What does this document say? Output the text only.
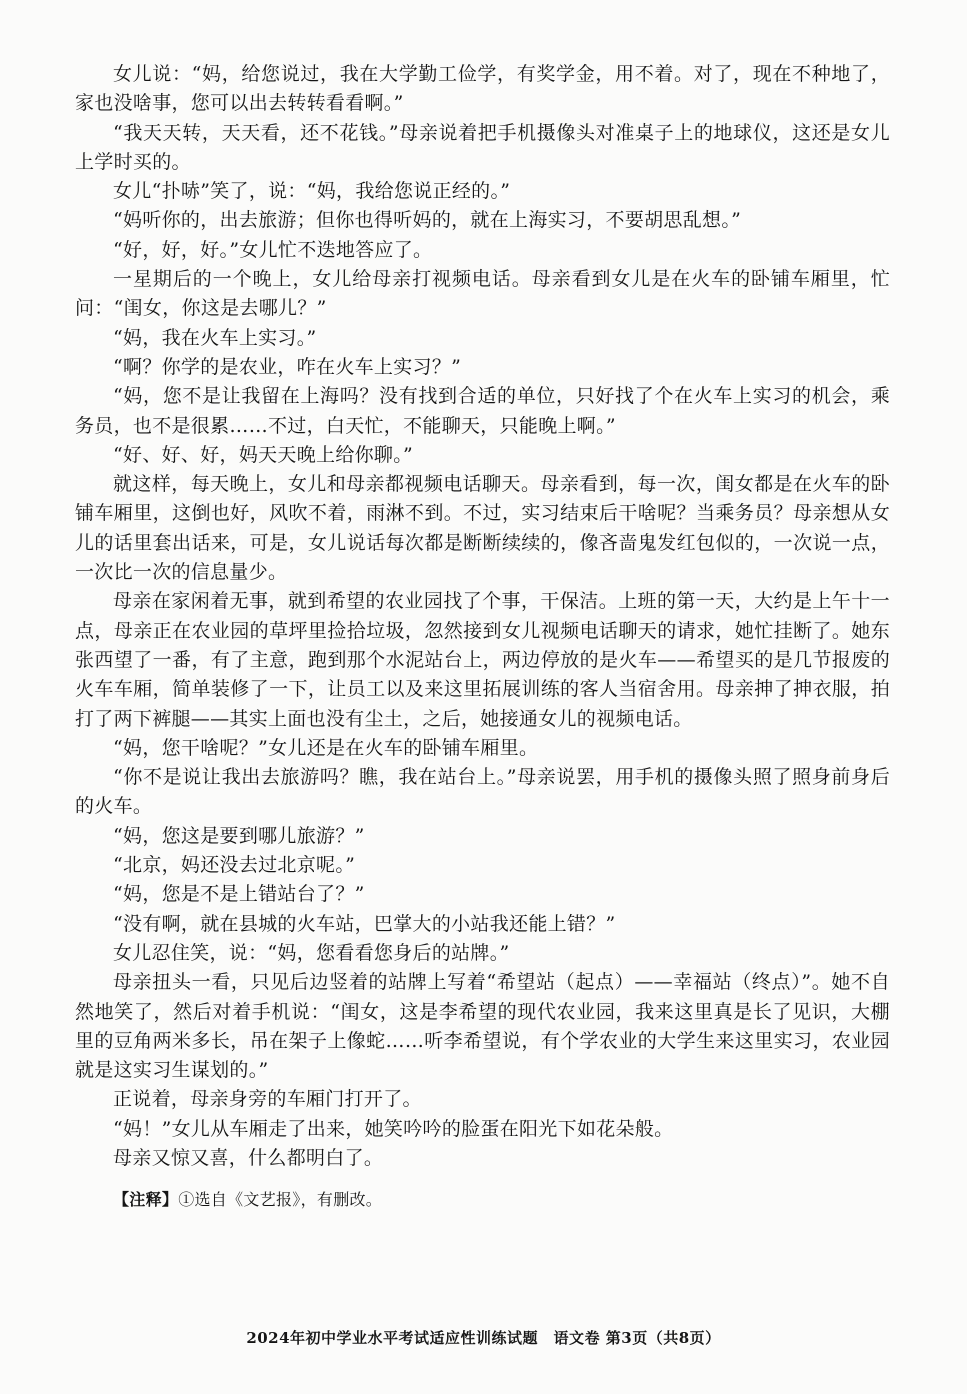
女儿说：“妈，给您说过，我在大学勤工俭学，有奖学金，用不着。对了，现在不种地了，家也没啥事，您可以出去转转看看啊。”

“我天天转，天天看，还不花钱。”母亲说着把手机摄像头对准桌子上的地球仪，这还是女儿上学时买的。

女儿“扑哧”笑了，说：“妈，我给您说正经的。”

“妈听你的，出去旅游；但你也得听妈的，就在上海实习，不要胡思乱想。”

“好，好，好。”女儿忙不迭地答应了。

一星期后的一个晚上，女儿给母亲打视频电话。母亲看到女儿是在火车的卧铺车厢里，忙问：“闺女，你这是去哪儿？”

“妈，我在火车上实习。”

“啊？你学的是农业，咋在火车上实习？”

“妈，您不是让我留在上海吗？没有找到合适的单位，只好找了个在火车上实习的机会，乘务员，也不是很累……不过，白天忙，不能聊天，只能晚上啊。”

“好、好、好，妈天天晚上给你聊。”

就这样，每天晚上，女儿和母亲都视频电话聊天。母亲看到，每一次，闺女都是在火车的卧铺车厢里，这倒也好，风吹不着，雨淋不到。不过，实习结束后干啥呢？当乘务员？母亲想从女儿的话里套出话来，可是，女儿说话每次都是断断续续的，像吝啬鬼发红包似的，一次说一点，一次比一次的信息量少。

母亲在家闲着无事，就到希望的农业园找了个事，干保洁。上班的第一天，大约是上午十一点，母亲正在农业园的草坪里捡拾垃圾，忽然接到女儿视频电话聊天的请求，她忙挂断了。她东张西望了一番，有了主意，跑到那个水泥站台上，两边停放的是火车——希望买的是几节报废的火车车厢，简单装修了一下，让员工以及来这里拓展训练的客人当宿舍用。母亲抻了抻衣服，拍打了两下裤腿——其实上面也没有尘土，之后，她接通女儿的视频电话。

“妈，您干啥呢？”女儿还是在火车的卧铺车厢里。

“你不是说让我出去旅游吗？瞧，我在站台上。”母亲说罢，用手机的摄像头照了照身前身后的火车。

“妈，您这是要到哪儿旅游？”

“北京，妈还没去过北京呢。”

“妈，您是不是上错站台了？”

“没有啊，就在县城的火车站，巴掌大的小站我还能上错？”

女儿忍住笑，说：“妈，您看看您身后的站牌。”

母亲扭头一看，只见后边竖着的站牌上写着“希望站（起点）——幸福站（终点）”。她不自然地笑了，然后对着手机说：“闺女，这是李希望的现代农业园，我来这里真是长了见识，大棚里的豆角两米多长，吊在架子上像蛇……听李希望说，有个学农业的大学生来这里实习，农业园就是这实习生谋划的。”

正说着，母亲身旁的车厢门打开了。

“妈！”女儿从车厢走了出来，她笑吟吟的脸蛋在阳光下如花朵般。

母亲又惊又喜，什么都明白了。

【注释】①选自《文艺报》，有删改。

2024年初中学业水平考试适应性训练试题　语文卷 第3页（共8页）
